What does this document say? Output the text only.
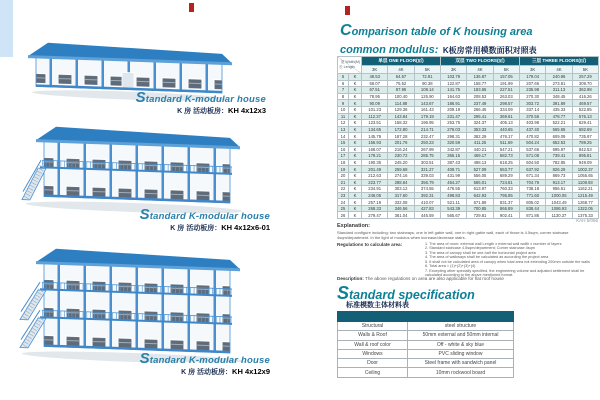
Standard K-modular house
K 房 活动板房：KH 4x12x3
Standard K-modular house
K 房 活动板房：KH 4x12x6-01
Standard K-modular house
K 房 活动板房：KH 4x12x9
Comparison table of K housing area
common modulus: K板房常用模数面积对照表
宽 Width(M)
长 Length		单层 ONE FLOOR(㎡)			双层 TWO FLOORS(㎡)			三层 THREE FLOORS(㎡)		
		3K	4K	5K	3K	4K	5K	3K	4K	5K
5	K	48.53	64.57	72.91	103.79	136.87	157.05	179.04	240.96	257.29
6	K	58.07	75.52	90.38	122.87	158.77	191.99	207.66	273.81	309.70
7	K	67.51	87.96	108.14	141.75	183.65	227.51	235.98	311.13	362.98
8	K	78.95	100.40	125.90	164.63	208.53	263.03	270.30	348.45	416.26
9	K	90.09	114.88	143.67	186.91	237.49	298.57	303.72	391.89	469.57
10	K	101.23	129.36	161.43	209.19	266.45	334.09	337.14	435.33	522.85
11	K	112.37	143.84	179.19	231.47	295.41	369.61	370.56	478.77	576.13
12	K	123.51	158.32	196.95	253.75	324.37	405.13	403.98	522.21	629.41
13	K	134.65	172.80	214.71	276.03	353.33	440.65	437.40	565.65	682.69
14	K	145.79	187.28	232.47	298.31	382.29	476.17	470.82	609.09	735.97
15	K	156.93	201.76	250.23	320.59	411.25	511.69	504.24	652.53	789.25
16	K	168.07	216.24	267.99	342.87	440.21	547.21	537.66	695.97	842.53
17	K	179.21	230.72	285.75	365.15	469.17	582.73	571.08	739.41	895.81
18	K	190.35	245.20	303.51	387.43	498.13	618.25	604.50	782.85	949.09
19	K	201.49	259.68	321.27	409.71	527.09	653.77	637.92	826.29	1002.37
20	K	212.63	274.16	339.03	431.99	556.05	689.29	671.34	869.73	1055.65
21	K	223.77	288.64	356.79	454.27	585.01	724.81	704.76	913.17	1108.93
22	K	234.91	303.12	374.55	476.55	613.97	760.33	738.18	956.61	1162.21
23	K	246.05	317.60	392.31	498.83	642.93	795.85	771.60	1000.05	1215.49
24	K	257.19	332.08	410.07	521.11	671.89	831.37	805.02	1043.49	1268.77
25	K	268.33	346.56	427.83	543.39	700.85	866.89	838.44	1086.93	1322.05
26	K	279.47	361.04	445.59	565.67	729.81	902.41	871.86	1130.37	1375.33
KAH 5/066
Explanation:

Standard configure including: two stairways, one in left gable wall, one in right gable wall, each of those is 4.5sqm, corner staircase 4sqm/department. In the light of modulus when increase/decrease stairs.

Regulations to calculate area:	1. The area of room: external wall Length x external wall width x number of layers
2. Standard staircase 4.5sqm/department; Corner staircase 4sqm
3. The area of canopy shall be one-half the horizontal project area
4. The area of walkways shall be calculated as according the project area
5. It shall not be calculated area of canopy when total area not extending 200mm outside the walls
6. Total area = (1)+(2)+(3)+(4)
7. Excepting other specially specified, the engineering volume and adjusted settlement shall be calculated according to the above mentioned format.
Description: The above regulations on area are also applicable for flat roof house
Standard specification
标准模数主体材料表

Structural	steel structure
Walls & Roof	50mm external and 50mm internal
Wall & roof color	Off - white & sky blue
Windows	PVC sliding window
Door	Steel frame with sandwich panel
Ceiling	10mm rockwool board
